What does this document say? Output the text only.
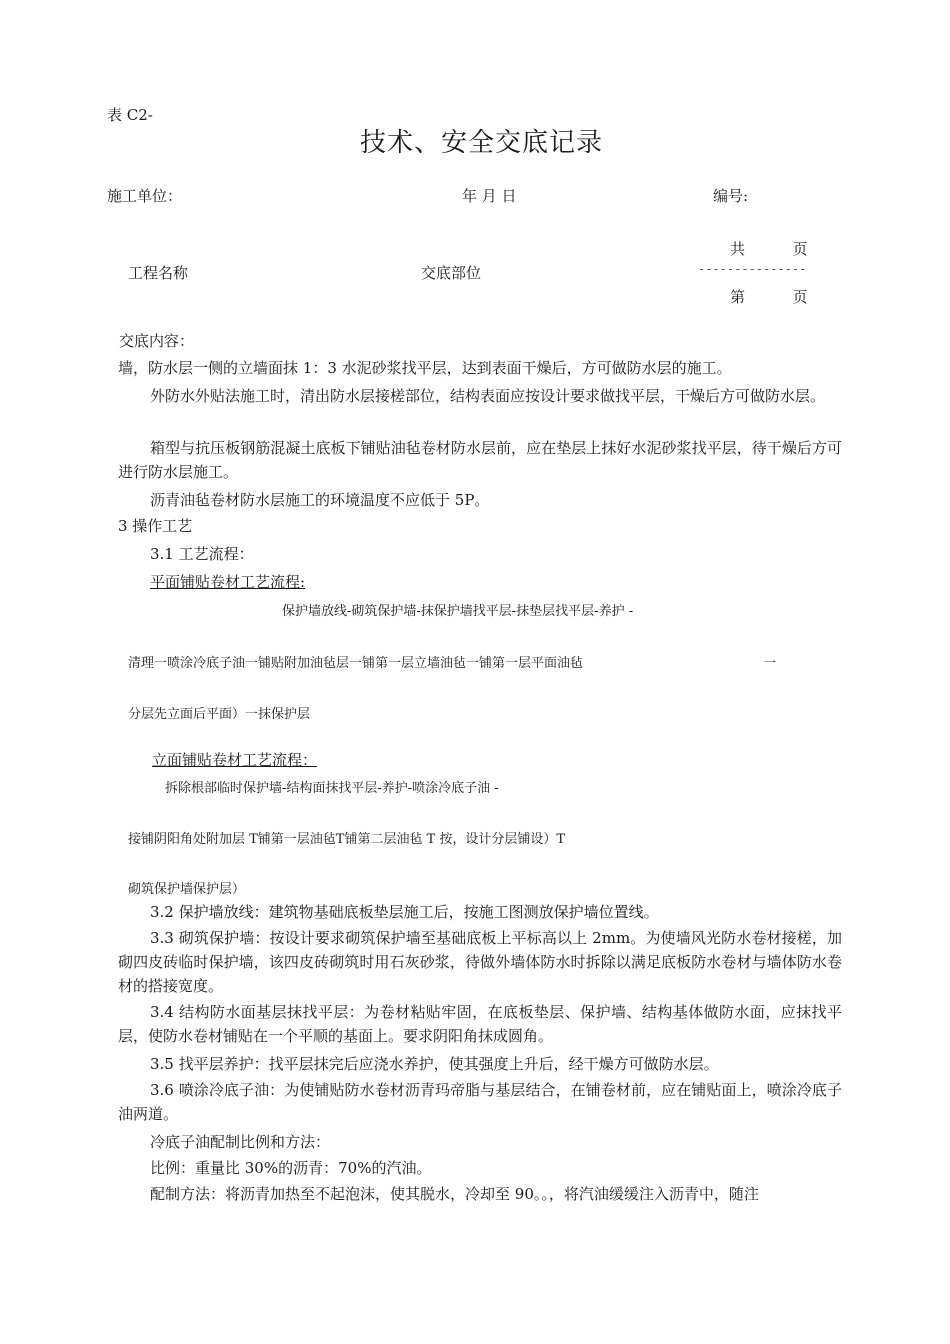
表 C2-
技术、安全交底记录
施工单位：	年 月 日	编号:
工程名称	交底部位
共          页
---------------
第          页
交底内容：
墙，防水层一侧的立墙面抹 1：3 水泥砂浆找平层，达到表面干燥后，方可做防水层的施工。
外防水外贴法施工时，清出防水层接槎部位，结构表面应按设计要求做找平层，干燥后方可做防水层。
箱型与抗压板钢筋混凝土底板下铺贴油毡卷材防水层前，应在垫层上抹好水泥砂浆找平层，待干燥后方可进行防水层施工。
沥青油毡卷材防水层施工的环境温度不应低于 5P。
3 操作工艺
3.1 工艺流程：
平面铺贴卷材工艺流程:
保护墙放线-砌筑保护墙-抹保护墙找平层-抹垫层找平层-养护 -
清理一喷涂冷底子油一铺贴附加油毡层一铺第一层立墙油毡一铺第一层平面油毡	一
分层先立面后平面）一抹保护层
立面铺贴卷材工艺流程：
拆除根部临时保护墙-结构面抹找平层-养护-喷涂冷底子油 -
接铺阴阳角处附加层 T铺第一层油毡T铺第二层油毡 T 按，设计分层铺设）T
砌筑保护墙保护层）
3.2 保护墙放线：建筑物基础底板垫层施工后，按施工图测放保护墙位置线。
3.3 砌筑保护墙：按设计要求砌筑保护墙至基础底板上平标高以上 2mm。为使墙风光防水卷材接槎，加砌四皮砖临时保护墙，该四皮砖砌筑时用石灰砂浆，待做外墙体防水时拆除以满足底板防水卷材与墙体防水卷材的搭接宽度。
3.4 结构防水面基层抹找平层：为卷材粘贴牢固，在底板垫层、保护墙、结构基体做防水面，应抹找平层，使防水卷材铺贴在一个平顺的基面上。要求阴阳角抹成圆角。
3.5 找平层养护：找平层抹完后应浇水养护，使其强度上升后，经干燥方可做防水层。
3.6 喷涂冷底子油：为使铺贴防水卷材沥青玛帝脂与基层结合，在铺卷材前，应在铺贴面上，喷涂冷底子油两道。
冷底子油配制比例和方法：
比例：重量比 30%的沥青：70%的汽油。
配制方法：将沥青加热至不起泡沫，使其脱水，冷却至 90。。，将汽油缓缓注入沥青中，随注
